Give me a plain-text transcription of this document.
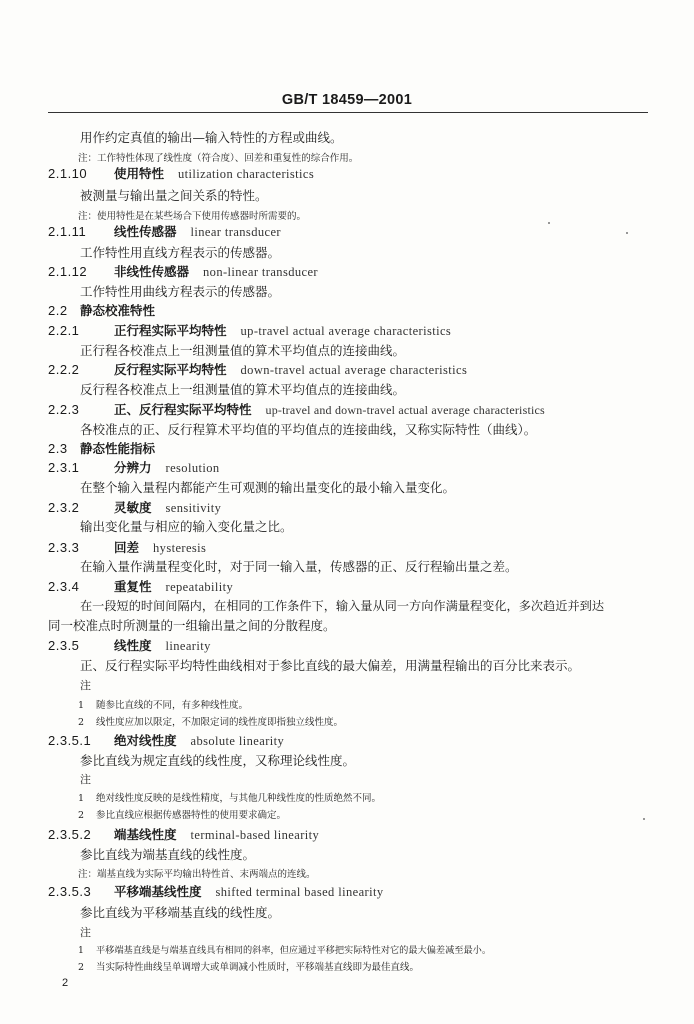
GB/T 18459—2001
用作约定真值的输出—输入特性的方程或曲线。
注：工作特性体现了线性度（符合度）、回差和重复性的综合作用。
2.1.10 使用特性 utilization characteristics
被测量与输出量之间关系的特性。
注：使用特性是在某些场合下使用传感器时所需要的。
2.1.11 线性传感器 linear transducer
工作特性用直线方程表示的传感器。
2.1.12 非线性传感器 non-linear transducer
工作特性用曲线方程表示的传感器。
2.2 静态校准特性
2.2.1	正行程实际平均特性 up-travel actual average characteristics
正行程各校准点上一组测量值的算术平均值点的连接曲线。
2.2.2	反行程实际平均特性 down-travel actual average characteristics
反行程各校准点上一组测量值的算术平均值点的连接曲线。
2.2.3	正、反行程实际平均特性 up-travel and down-travel actual average characteristics
各校准点的正、反行程算术平均值的平均值点的连接曲线，又称实际特性（曲线）。
2.3 静态性能指标
2.3.1	分辨力 resolution
在整个输入量程内都能产生可观测的输出量变化的最小输入量变化。
2.3.2	灵敏度 sensitivity
输出变化量与相应的输入变化量之比。
2.3.3	回差 hysteresis
在输入量作满量程变化时，对于同一输入量，传感器的正、反行程输出量之差。
2.3.4	重复性 repeatability
在一段短的时间间隔内，在相同的工作条件下，输入量从同一方向作满量程变化，多次趋近并到达
同一校准点时所测量的一组输出量之间的分散程度。
2.3.5	线性度 linearity
正、反行程实际平均特性曲线相对于参比直线的最大偏差，用满量程输出的百分比来表示。
注
1 随参比直线的不同，有多种线性度。
2 线性度应加以限定，不加限定词的线性度即指独立线性度。
2.3.5.1 绝对线性度 absolute linearity
参比直线为规定直线的线性度，又称理论线性度。
注
1 绝对线性度反映的是线性精度，与其他几种线性度的性质绝然不同。
2 参比直线应根据传感器特性的使用要求确定。
2.3.5.2 端基线性度 terminal-based linearity
参比直线为端基直线的线性度。
注：端基直线为实际平均输出特性首、末两端点的连线。
2.3.5.3 平移端基线性度 shifted terminal based linearity
参比直线为平移端基直线的线性度。
注
1 平移端基直线是与端基直线具有相同的斜率，但应通过平移把实际特性对它的最大偏差减至最小。
2 当实际特性曲线呈单调增大或单调减小性质时，平移端基直线即为最佳直线。
2
